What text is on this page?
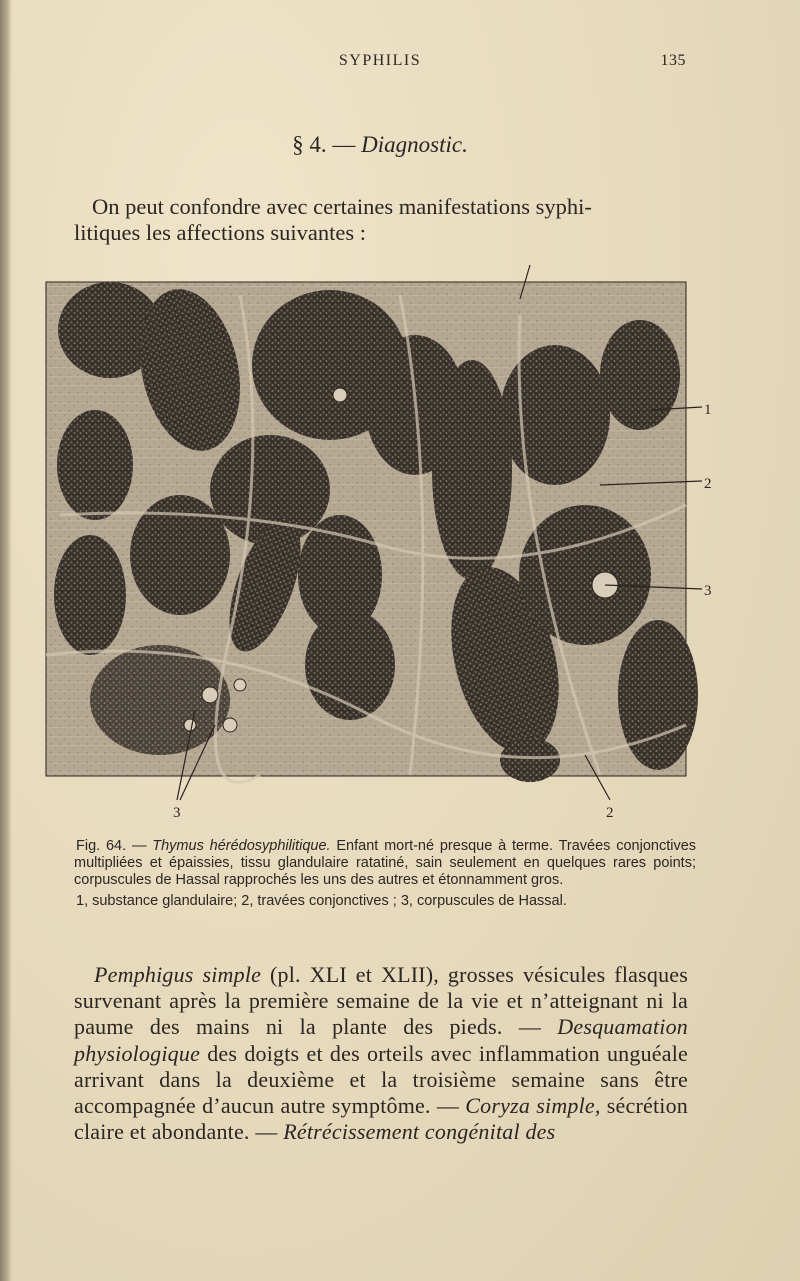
SYPHILIS	135
§ 4. — Diagnostic.
On peut confondre avec certaines manifestations syphi-
litiques les affections suivantes :
1
2
3
3	2
Fig. 64. — Thymus hérédosyphilitique. Enfant mort-né presque à terme. Travées conjonctives multipliées et épaissies, tissu glandulaire ratatiné, sain seulement en quelques rares points; corpuscules de Hassal rapprochés les uns des autres et étonnamment gros.
1, substance glandulaire; 2, travées conjonctives ; 3, corpuscules de Hassal.
Pemphigus simple (pl. XLI et XLII), grosses vésicules flasques survenant après la première semaine de la vie et n’atteignant ni la paume des mains ni la plante des pieds. — Desquamation physiologique des doigts et des orteils avec inflammation unguéale arrivant dans la deuxième et la troisième semaine sans être accompagnée d’aucun autre symptôme. — Coryza simple, sécrétion claire et abondante. — Rétrécissement congénital des
